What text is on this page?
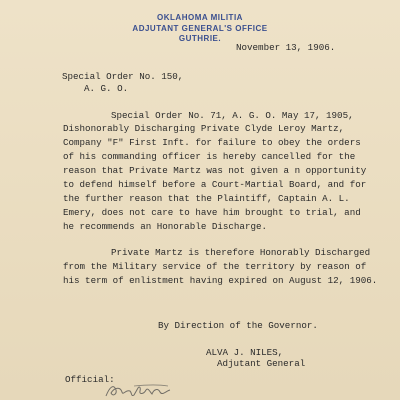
OKLAHOMA MILITIA
ADJUTANT GENERAL'S OFFICE
GUTHRIE.
November 13, 1906.
Special Order No. 150,
A. G. O.
Special Order No. 71, A. G. O. May 17, 1905,
Dishonorably Discharging Private Clyde Leroy Martz,
Company "F" First Inft. for failure to obey the orders
of his commanding officer is hereby cancelled for the
reason that Private Martz was not given a n opportunity
to defend himself before a Court-Martial Board, and for
the further reason that the Plaintiff, Captain A. L.
Emery, does not care to have him brought to trial, and
he recommends an Honorable Discharge.
Private Martz is therefore Honorably Discharged
from the Military service of the territory by reason of
his term of enlistment having expired on August 12, 1906.
By Direction of the Governor.
ALVA J. NILES,
Adjutant General
Official:
